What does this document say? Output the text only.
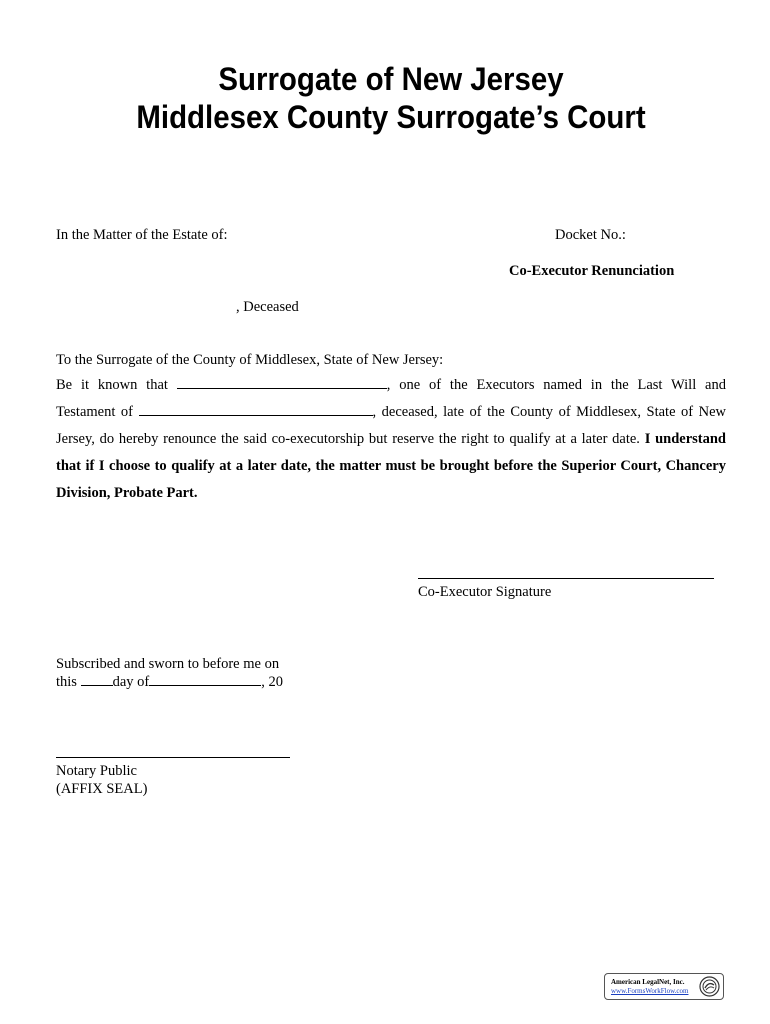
Surrogate of New Jersey
Middlesex County Surrogate’s Court
In the Matter of the Estate of:	Docket No.:
Co-Executor Renunciation
, Deceased
To the Surrogate of the County of Middlesex, State of New Jersey:

Be it known that	, one of the Executors named in the Last Will and

Testament of	, deceased, late of the County of Middlesex, State of New

Jersey, do hereby renounce the said co-executorship but reserve the right to qualify at a later date. I understand that if I choose to qualify at a later date, the matter must be brought before the Superior Court, Chancery Division, Probate Part.

Co-Executor Signature
Subscribed and sworn to before me on
this day of	, 20
Notary Public
(AFFIX SEAL)
American LegalNet, Inc.
www.FormsWorkFlow.com
